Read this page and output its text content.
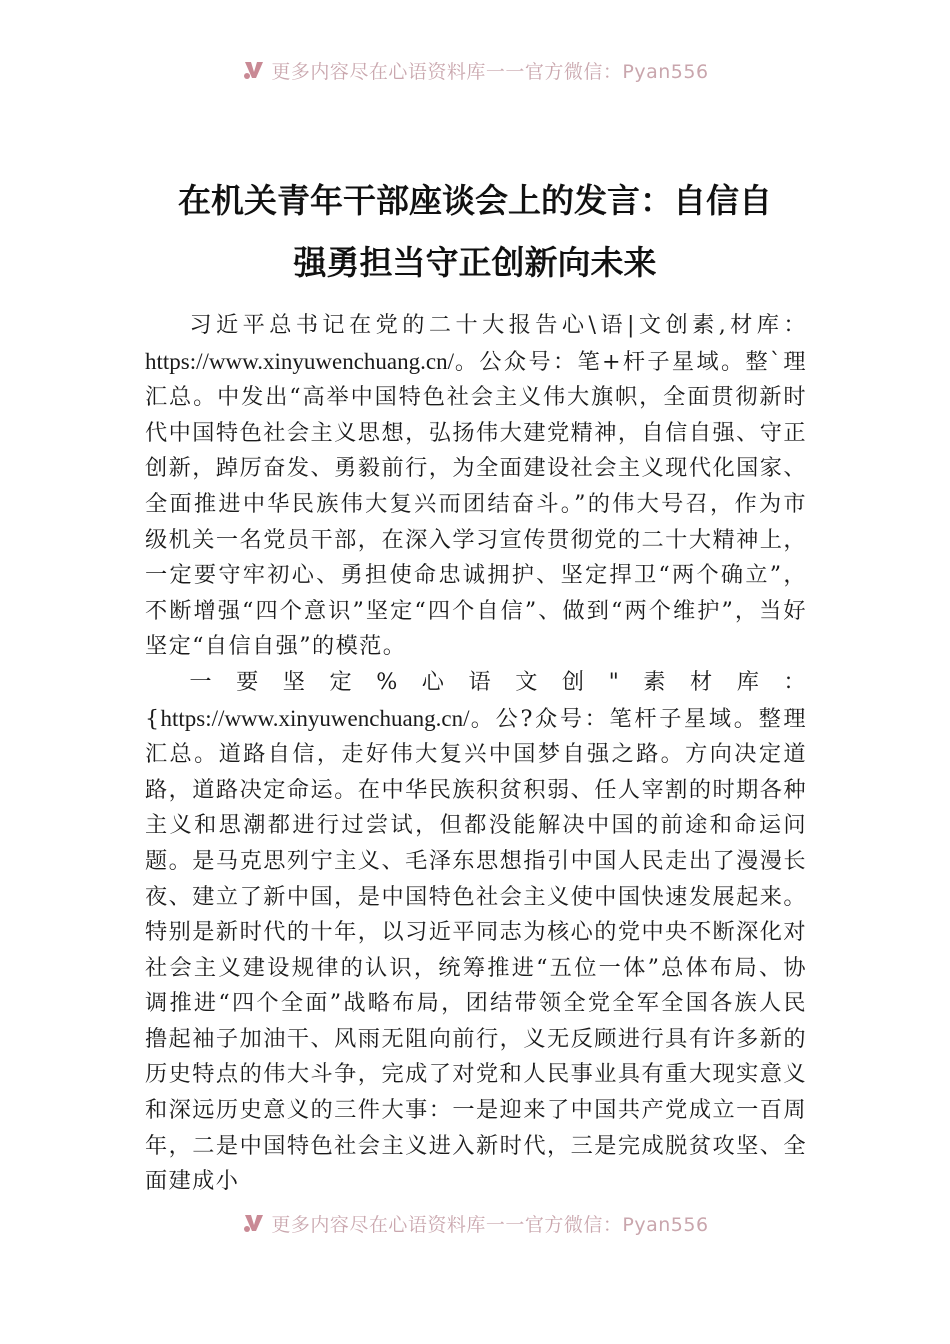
更多内容尽在心语资料库一一官方微信：Pyan556
在机关青年干部座谈会上的发言：自信自
强勇担当守正创新向未来

习近平总书记在党的二十大报告心\语|文创素,材库：https://www.xinyuwenchuang.cn/。公众号：笔+杆子星域。整`理汇总。中发出“高举中国特色社会主义伟大旗帜，全面贯彻新时代中国特色社会主义思想，弘扬伟大建党精神，自信自强、守正创新，踔厉奋发、勇毅前行，为全面建设社会主义现代化国家、全面推进中华民族伟大复兴而团结奋斗。”的伟大号召，作为市级机关一名党员干部，在深入学习宣传贯彻党的二十大精神上，一定要守牢初心、勇担使命忠诚拥护、坚定捍卫“两个确立”，不断增强“四个意识”坚定“四个自信”、做到“两个维护”，当好坚定“自信自强”的模范。

一要坚定%心语文创"素材库：{https://www.xinyuwenchuang.cn/。公?众号：笔杆子星域。整理汇总。道路自信，走好伟大复兴中国梦自强之路。方向决定道路，道路决定命运。在中华民族积贫积弱、任人宰割的时期各种主义和思潮都进行过尝试，但都没能解决中国的前途和命运问题。是马克思列宁主义、毛泽东思想指引中国人民走出了漫漫长夜、建立了新中国，是中国特色社会主义使中国快速发展起来。特别是新时代的十年，以习近平同志为核心的党中央不断深化对社会主义建设规律的认识，统筹推进“五位一体”总体布局、协调推进“四个全面”战略布局，团结带领全党全军全国各族人民撸起袖子加油干、风雨无阻向前行，义无反顾进行具有许多新的历史特点的伟大斗争，完成了对党和人民事业具有重大现实意义和深远历史意义的三件大事：一是迎来了中国共产党成立一百周年，二是中国特色社会主义进入新时代，三是完成脱贫攻坚、全面建成小

更多内容尽在心语资料库一一官方微信：Pyan556
